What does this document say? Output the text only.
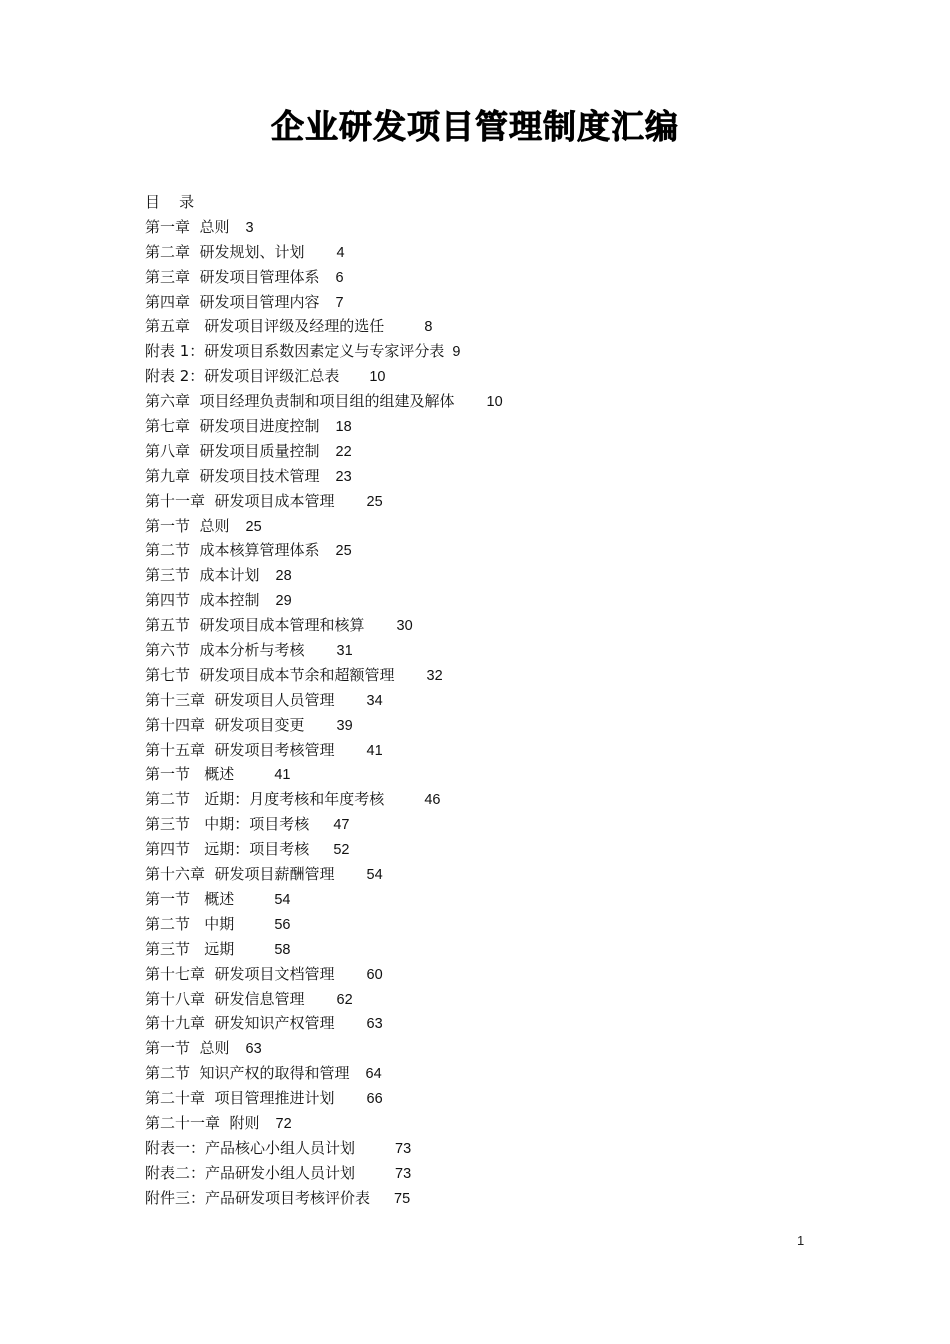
企业研发项目管理制度汇编
目    录
第一章  总则 3
第二章  研发规划、计划 4
第三章  研发项目管理体系 6
第四章  研发项目管理内容 7
第五章   研发项目评级及经理的选任	8
附表 1：研发项目系数因素定义与专家评分表 9
附表 2：研发项目评级汇总表 10
第六章  项目经理负责制和项目组的组建及解体 10
第七章  研发项目进度控制 18
第八章  研发项目质量控制 22
第九章  研发项目技术管理 23
第十一章  研发项目成本管理 25
第一节  总则 25
第二节  成本核算管理体系 25
第三节  成本计划 28
第四节  成本控制 29
第五节  研发项目成本管理和核算 30
第六节  成本分析与考核 31
第七节  研发项目成本节余和超额管理 32
第十三章  研发项目人员管理 34
第十四章  研发项目变更 39
第十五章  研发项目考核管理 41
第一节   概述	41
第二节   近期：月度考核和年度考核	46
第三节   中期：项目考核 47
第四节   远期：项目考核 52
第十六章  研发项目薪酬管理 54
第一节   概述	54
第二节   中期	56
第三节   远期	58
第十七章  研发项目文档管理 60
第十八章  研发信息管理 62
第十九章  研发知识产权管理 63
第一节  总则 63
第二节  知识产权的取得和管理 64
第二十章  项目管理推进计划 66
第二十一章  附则 72
附表一：产品核心小组人员计划	73
附表二：产品研发小组人员计划	73
附件三：产品研发项目考核评价表 75
1
